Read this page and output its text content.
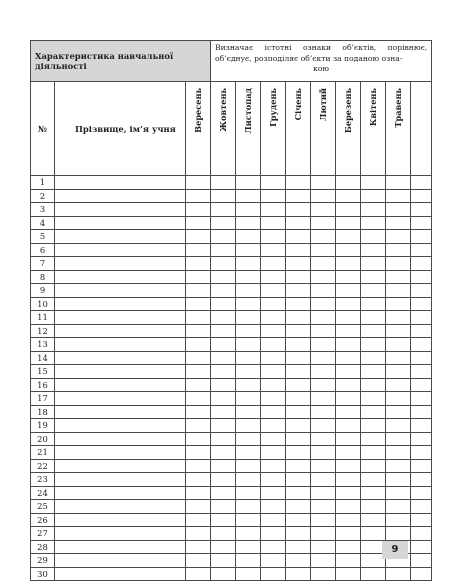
Характеристика навчальної діяльності			Визначає істотні ознаки об’єктів, порівнює, об’єднує, розподіляє об’єкти за поданою озна-
кою								

№	Прізвище, ім’я учня	Вересень	Жовтень	Листопад	Грудень	Січень	Лютий	Березень	Квітень	Травень	

1											
2											
3											
4											
5											
6											
7											
8											
9											
10											
11											
12											
13											
14											
15											
16											
17											
18											
19											
20											
21											
22											
23											
24											
25											
26											
27											
28											
29											
30											
9
